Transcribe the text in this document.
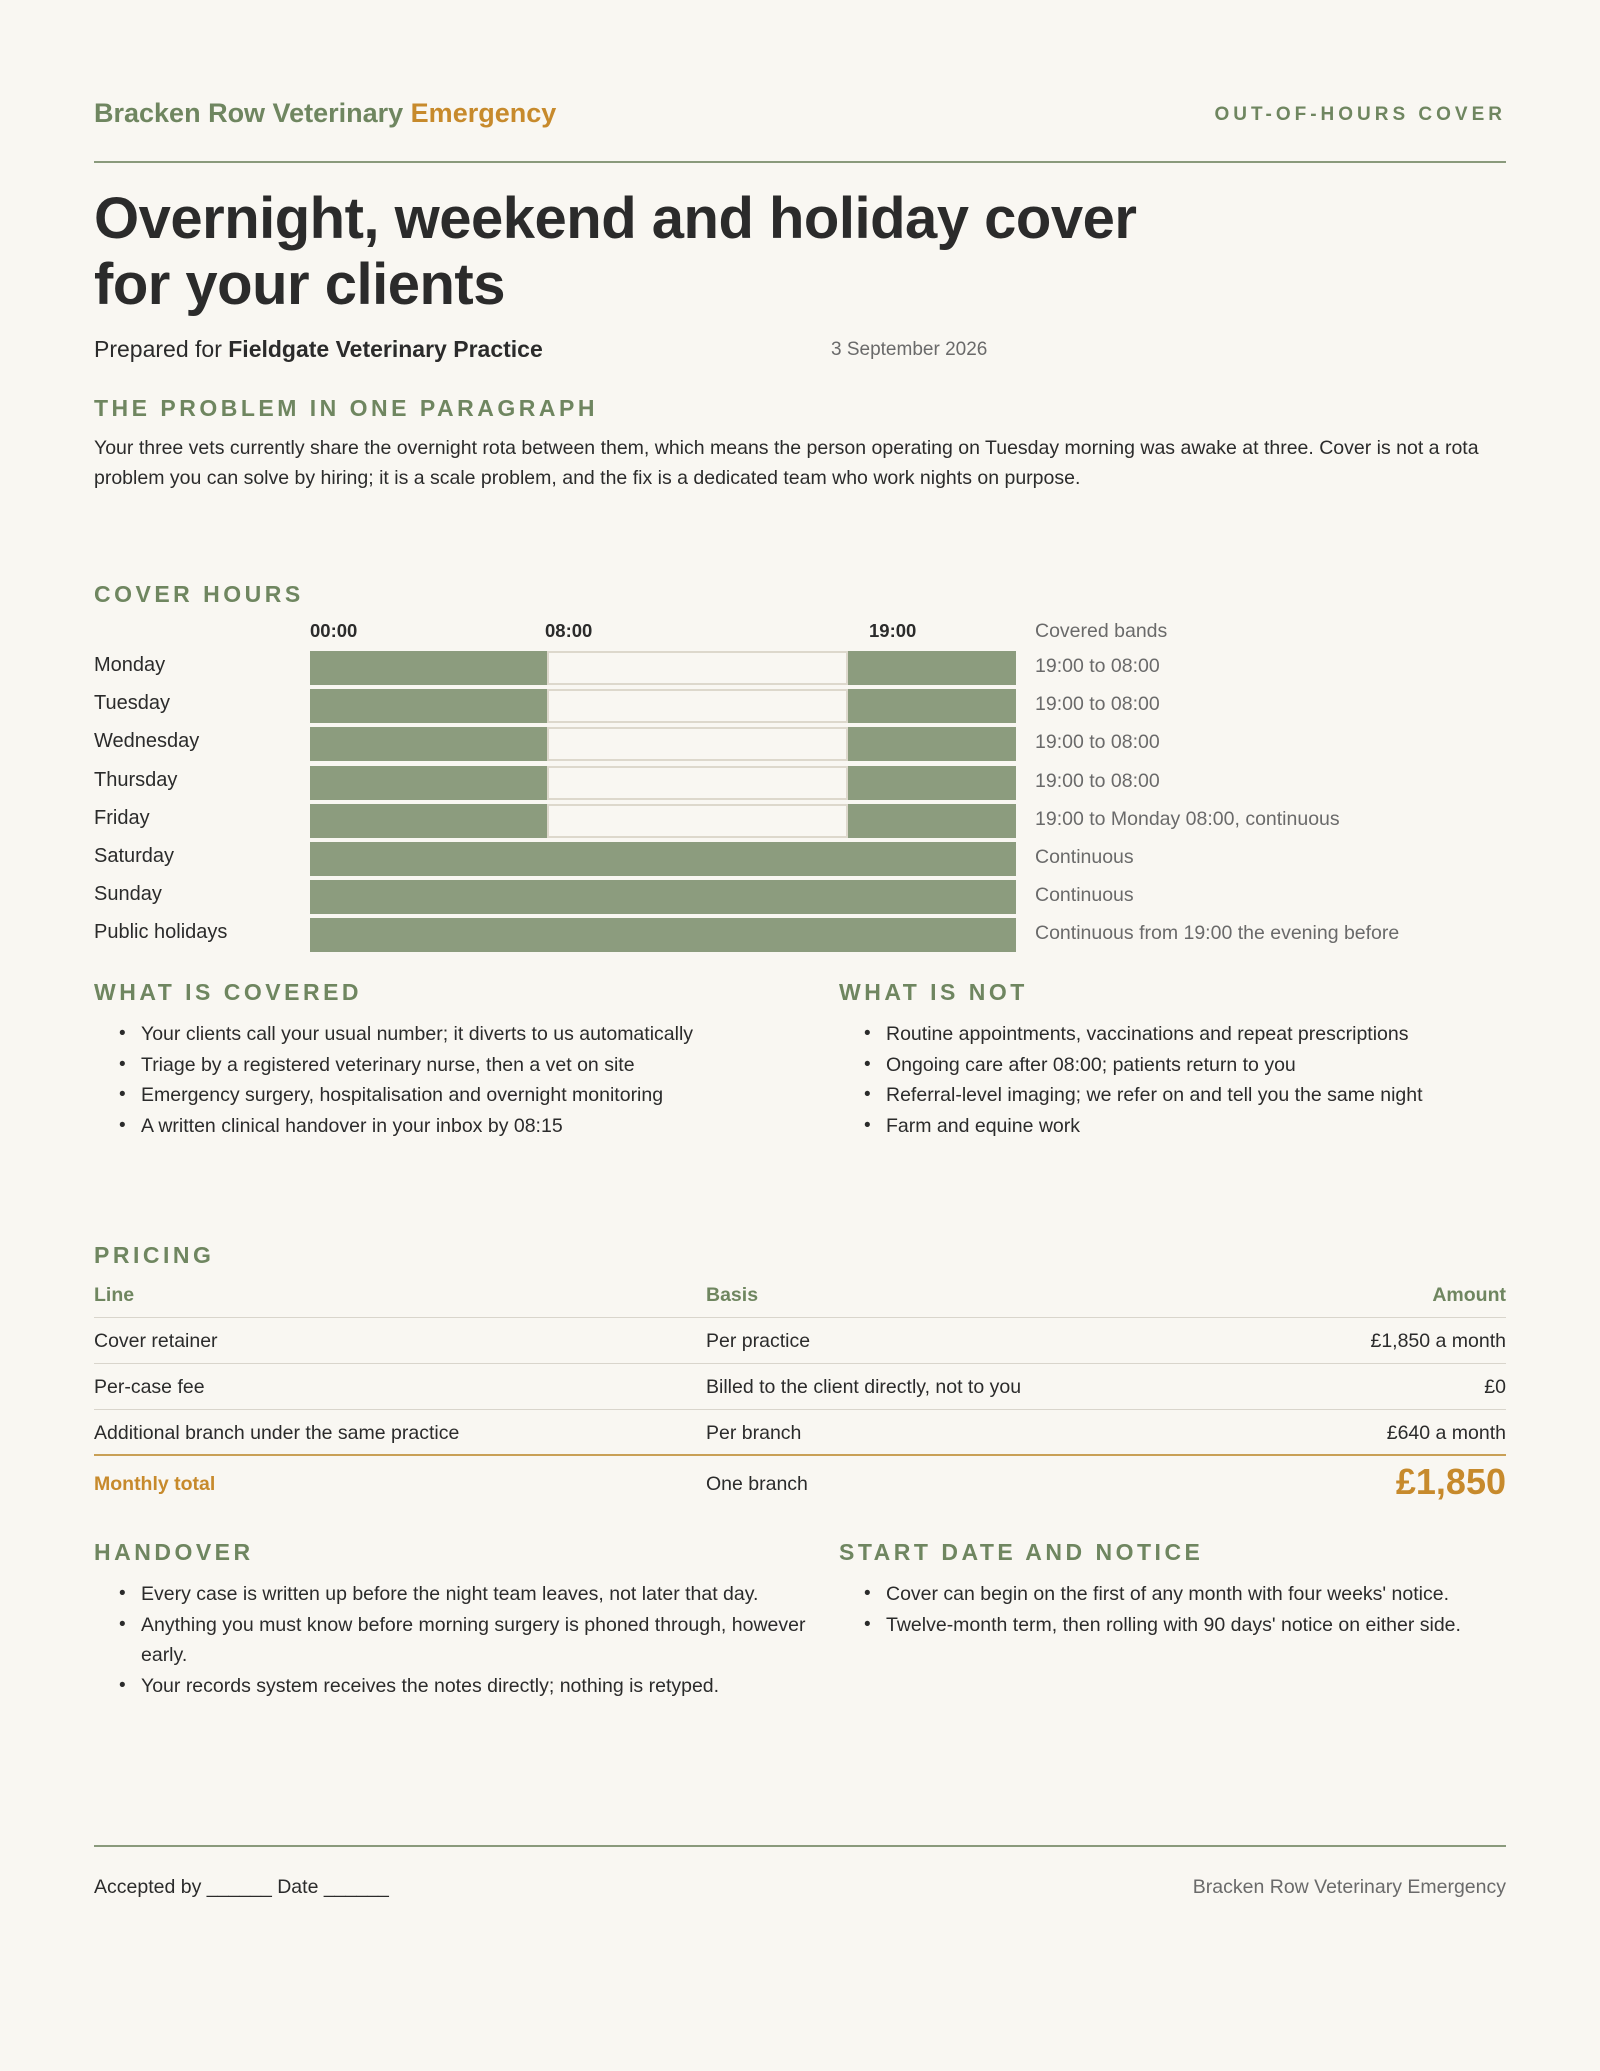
Bracken Row Veterinary Emergency	OUT-OF-HOURS COVER
Overnight, weekend and holiday cover for your clients
Prepared for Fieldgate Veterinary Practice	3 September 2026
THE PROBLEM IN ONE PARAGRAPH
Your three vets currently share the overnight rota between them, which means the person operating on Tuesday morning was awake at three. Cover is not a rota problem you can solve by hiring; it is a scale problem, and the fix is a dedicated team who work nights on purpose.
COVER HOURS
00:00	08:00	19:00	Covered bands
Monday	19:00 to 08:00
Tuesday	19:00 to 08:00
Wednesday	19:00 to 08:00
Thursday	19:00 to 08:00
Friday	19:00 to Monday 08:00, continuous
Saturday	Continuous
Sunday	Continuous
Public holidays	Continuous from 19:00 the evening before
WHAT IS COVERED
• Your clients call your usual number; it diverts to us automatically
• Triage by a registered veterinary nurse, then a vet on site
• Emergency surgery, hospitalisation and overnight monitoring
• A written clinical handover in your inbox by 08:15
WHAT IS NOT
• Routine appointments, vaccinations and repeat prescriptions
• Ongoing care after 08:00; patients return to you
• Referral-level imaging; we refer on and tell you the same night
• Farm and equine work
PRICING
Line	Basis	Amount
Cover retainer	Per practice	£1,850 a month
Per-case fee	Billed to the client directly, not to you	£0
Additional branch under the same practice	Per branch	£640 a month
Monthly total	One branch	£1,850
HANDOVER
• Every case is written up before the night team leaves, not later that day.
• Anything you must know before morning surgery is phoned through, however early.
• Your records system receives the notes directly; nothing is retyped.
START DATE AND NOTICE
• Cover can begin on the first of any month with four weeks' notice.
• Twelve-month term, then rolling with 90 days' notice on either side.
Accepted by ______ Date ______	Bracken Row Veterinary Emergency
